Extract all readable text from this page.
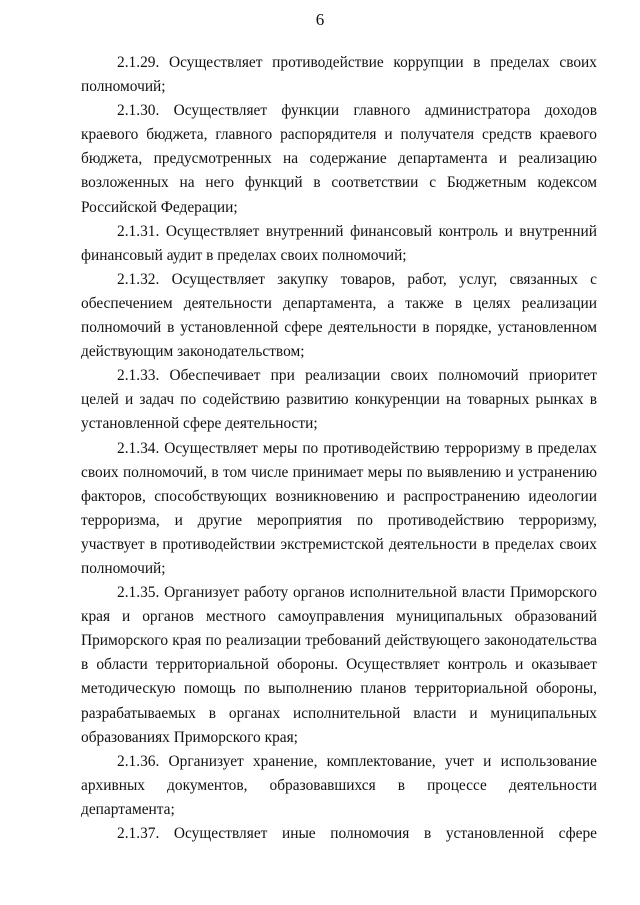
6

2.1.29. Осуществляет противодействие коррупции в пределах своих полномочий;

2.1.30. Осуществляет функции главного администратора доходов краевого бюджета, главного распорядителя и получателя средств краевого бюджета, предусмотренных на содержание департамента и реализацию возложенных на него функций в соответствии с Бюджетным кодексом Российской Федерации;

2.1.31. Осуществляет внутренний финансовый контроль и внутренний финансовый аудит в пределах своих полномочий;

2.1.32. Осуществляет закупку товаров, работ, услуг, связанных с обеспечением деятельности департамента, а также в целях реализации полномочий в установленной сфере деятельности в порядке, установленном действующим законодательством;

2.1.33. Обеспечивает при реализации своих полномочий приоритет целей и задач по содействию развитию конкуренции на товарных рынках в установленной сфере деятельности;

2.1.34. Осуществляет меры по противодействию терроризму в пределах своих полномочий, в том числе принимает меры по выявлению и устранению факторов, способствующих возникновению и распространению идеологии терроризма, и другие мероприятия по противодействию терроризму, участвует в противодействии экстремистской деятельности в пределах своих полномочий;

2.1.35. Организует работу органов исполнительной власти Приморского края и органов местного самоуправления муниципальных образований Приморского края по реализации требований действующего законодательства в области территориальной обороны. Осуществляет контроль и оказывает методическую помощь по выполнению планов территориальной обороны, разрабатываемых в органах исполнительной власти и муниципальных образованиях Приморского края;

2.1.36. Организует хранение, комплектование, учет и использование архивных документов, образовавшихся в процессе деятельности департамента;

2.1.37. Осуществляет иные полномочия в установленной сфере
